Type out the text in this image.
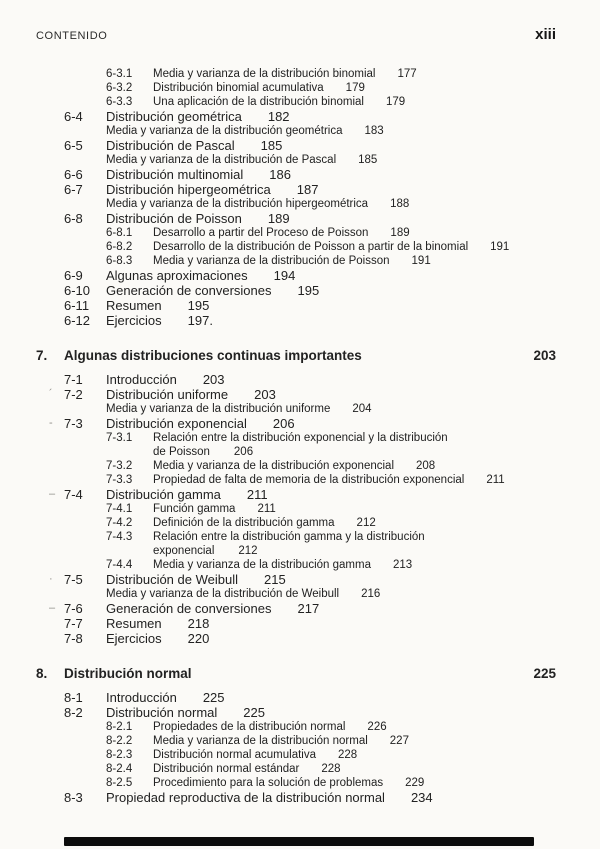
CONTENIDO	xiii
6-3.1	Media y varianza de la distribución binomial 177
6-3.2	Distribución binomial acumulativa 179
6-3.3	Una aplicación de la distribución binomial 179
6-4	Distribución geométrica 182
Media y varianza de la distribución geométrica 183
6-5	Distribución de Pascal 185
Media y varianza de la distribución de Pascal 185
6-6	Distribución multinomial 186
6-7	Distribución hipergeométrica 187
Media y varianza de la distribución hipergeométrica 188
6-8	Distribución de Poisson 189
6-8.1	Desarrollo a partir del Proceso de Poisson 189
6-8.2	Desarrollo de la distribución de Poisson a partir de la binomial 191
6-8.3	Media y varianza de la distribución de Poisson 191
6-9	Algunas aproximaciones 194
6-10	Generación de conversiones 195
6-11	Resumen 195
6-12	Ejercicios 197.
7.	Algunas distribuciones continuas importantes	203
7-1	Introducción 203
´ 7-2	Distribución uniforme 203
Media y varianza de la distribución uniforme 204
- 7-3	Distribución exponencial 206
7-3.1	Relación entre la distribución exponencial y la distribución
de Poisson 206
7-3.2	Media y varianza de la distribución exponencial 208
7-3.3	Propiedad de falta de memoria de la distribución exponencial 211
– 7-4	Distribución gamma 211
7-4.1	Función gamma 211
7-4.2	Definición de la distribución gamma 212
7-4.3	Relación entre la distribución gamma y la distribución
exponencial 212
7-4.4	Media y varianza de la distribución gamma 213
· 7-5	Distribución de Weibull 215
Media y varianza de la distribución de Weibull 216
– 7-6	Generación de conversiones 217
7-7	Resumen 218
7-8	Ejercicios 220
8.	Distribución normal	225
8-1	Introducción 225
8-2	Distribución normal 225
8-2.1	Propiedades de la distribución normal 226
8-2.2	Media y varianza de la distribución normal 227
8-2.3	Distribución normal acumulativa 228
8-2.4	Distribución normal estándar 228
8-2.5	Procedimiento para la solución de problemas 229
8-3	Propiedad reproductiva de la distribución normal 234
